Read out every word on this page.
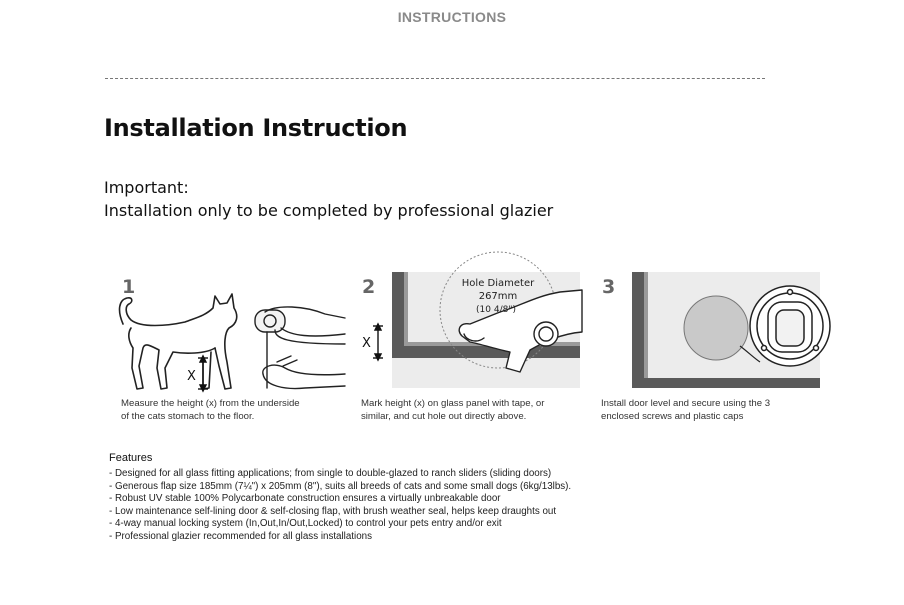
INSTRUCTIONS
Installation Instruction
Important:
Installation only to be completed by professional glazier
1
X
Measure the height (x) from the underside
of the cats stomach to the floor.
2
X
Hole Diameter
267mm
(10 4/8")
Mark height (x) on glass panel with tape, or
similar, and cut hole out directly above.
3
Install door level and secure using the 3
enclosed screws and plastic caps
Features
- Designed for all glass fitting applications; from single to double-glazed to ranch sliders (sliding doors)
- Generous flap size 185mm (7¼") x 205mm (8"), suits all breeds of cats and some small dogs (6kg/13lbs).
- Robust UV stable 100% Polycarbonate construction ensures a virtually unbreakable door
- Low maintenance self-lining door & self-closing flap, with brush weather seal, helps keep draughts out
- 4-way manual locking system (In,Out,In/Out,Locked) to control your pets entry and/or exit
- Professional glazier recommended for all glass installations
